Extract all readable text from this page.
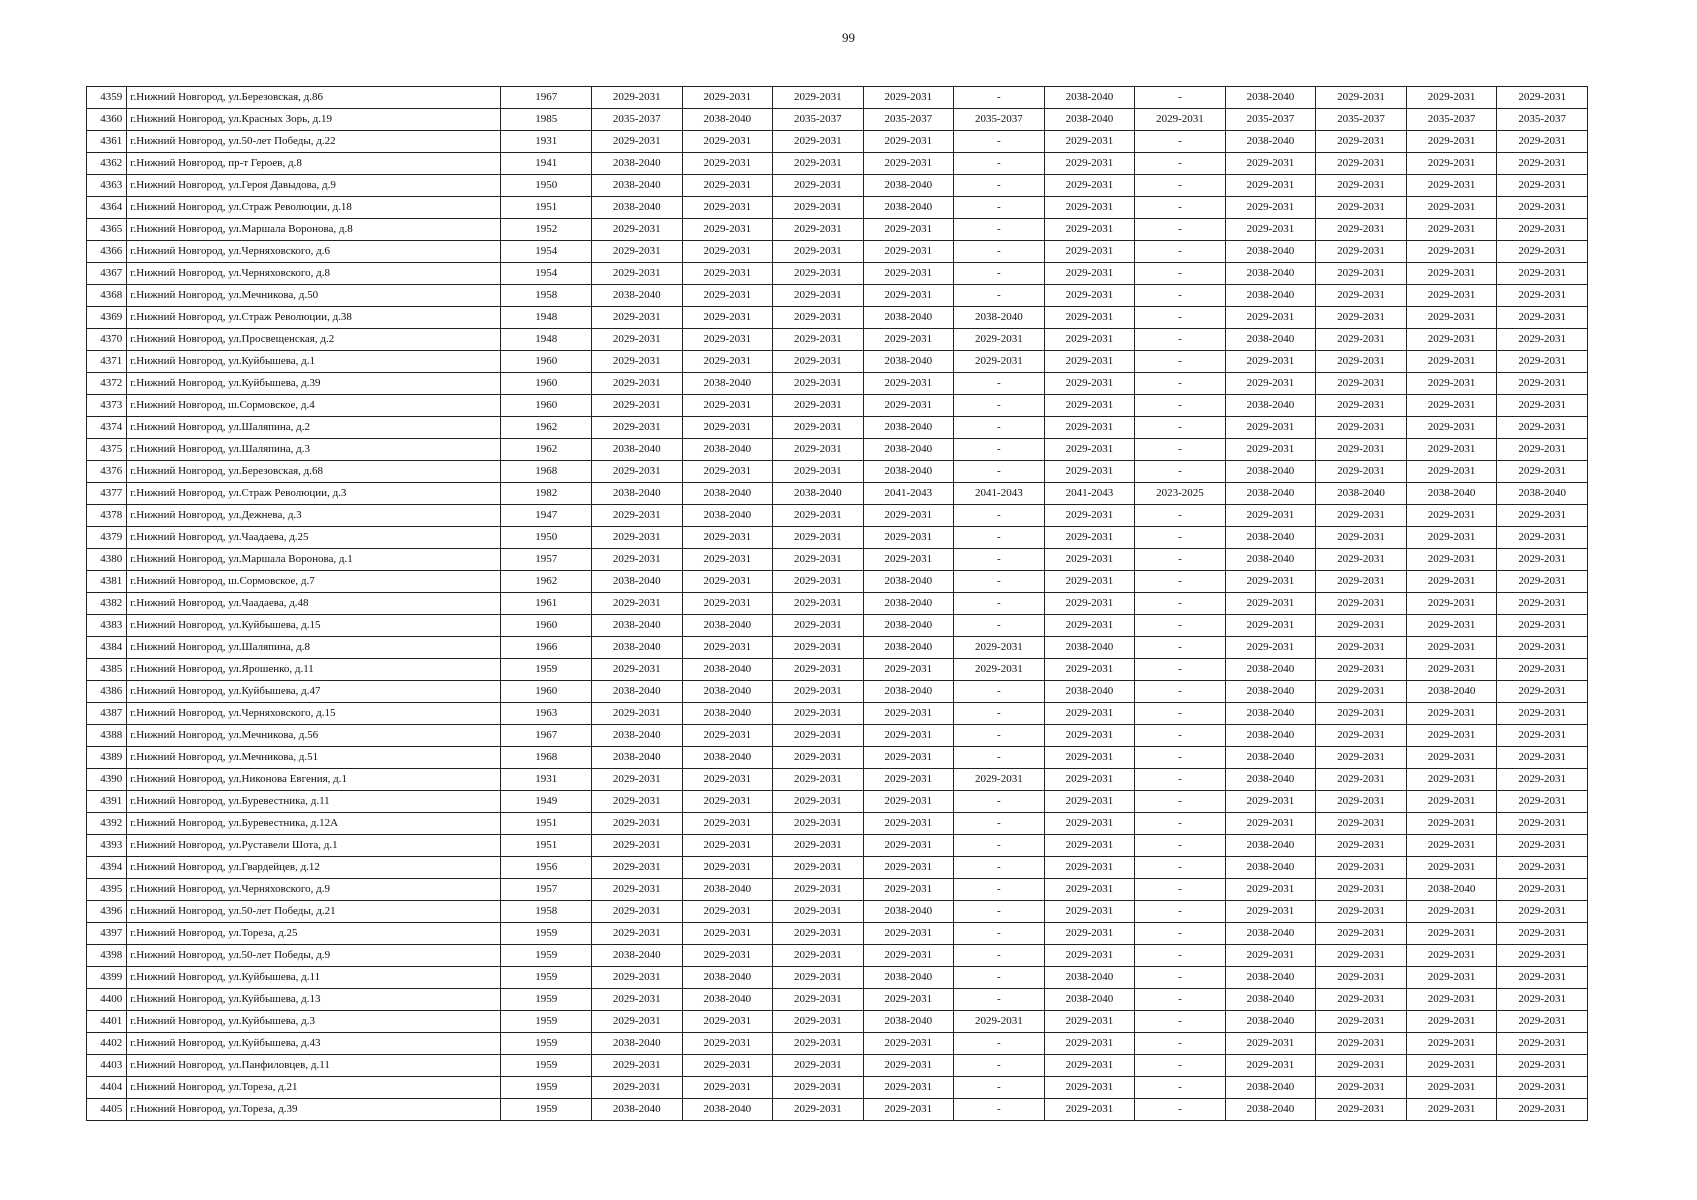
99
4359	г.Нижний Новгород, ул.Березовская, д.86	1967	2029-2031	2029-2031	2029-2031	2029-2031	-	2038-2040	-	2038-2040	2029-2031	2029-2031	2029-2031
4360	г.Нижний Новгород, ул.Красных Зорь, д.19	1985	2035-2037	2038-2040	2035-2037	2035-2037	2035-2037	2038-2040	2029-2031	2035-2037	2035-2037	2035-2037	2035-2037
4361	г.Нижний Новгород, ул.50-лет Победы, д.22	1931	2029-2031	2029-2031	2029-2031	2029-2031	-	2029-2031	-	2038-2040	2029-2031	2029-2031	2029-2031
4362	г.Нижний Новгород, пр-т Героев, д.8	1941	2038-2040	2029-2031	2029-2031	2029-2031	-	2029-2031	-	2029-2031	2029-2031	2029-2031	2029-2031
4363	г.Нижний Новгород, ул.Героя Давыдова, д.9	1950	2038-2040	2029-2031	2029-2031	2038-2040	-	2029-2031	-	2029-2031	2029-2031	2029-2031	2029-2031
4364	г.Нижний Новгород, ул.Страж Революции, д.18	1951	2038-2040	2029-2031	2029-2031	2038-2040	-	2029-2031	-	2029-2031	2029-2031	2029-2031	2029-2031
4365	г.Нижний Новгород, ул.Маршала Воронова, д.8	1952	2029-2031	2029-2031	2029-2031	2029-2031	-	2029-2031	-	2029-2031	2029-2031	2029-2031	2029-2031
4366	г.Нижний Новгород, ул.Черняховского, д.6	1954	2029-2031	2029-2031	2029-2031	2029-2031	-	2029-2031	-	2038-2040	2029-2031	2029-2031	2029-2031
4367	г.Нижний Новгород, ул.Черняховского, д.8	1954	2029-2031	2029-2031	2029-2031	2029-2031	-	2029-2031	-	2038-2040	2029-2031	2029-2031	2029-2031
4368	г.Нижний Новгород, ул.Мечникова, д.50	1958	2038-2040	2029-2031	2029-2031	2029-2031	-	2029-2031	-	2038-2040	2029-2031	2029-2031	2029-2031
4369	г.Нижний Новгород, ул.Страж Революции, д.38	1948	2029-2031	2029-2031	2029-2031	2038-2040	2038-2040	2029-2031	-	2029-2031	2029-2031	2029-2031	2029-2031
4370	г.Нижний Новгород, ул.Просвещенская, д.2	1948	2029-2031	2029-2031	2029-2031	2029-2031	2029-2031	2029-2031	-	2038-2040	2029-2031	2029-2031	2029-2031
4371	г.Нижний Новгород, ул.Куйбышева, д.1	1960	2029-2031	2029-2031	2029-2031	2038-2040	2029-2031	2029-2031	-	2029-2031	2029-2031	2029-2031	2029-2031
4372	г.Нижний Новгород, ул.Куйбышева, д.39	1960	2029-2031	2038-2040	2029-2031	2029-2031	-	2029-2031	-	2029-2031	2029-2031	2029-2031	2029-2031
4373	г.Нижний Новгород, ш.Сормовское, д.4	1960	2029-2031	2029-2031	2029-2031	2029-2031	-	2029-2031	-	2038-2040	2029-2031	2029-2031	2029-2031
4374	г.Нижний Новгород, ул.Шаляпина, д.2	1962	2029-2031	2029-2031	2029-2031	2038-2040	-	2029-2031	-	2029-2031	2029-2031	2029-2031	2029-2031
4375	г.Нижний Новгород, ул.Шаляпина, д.3	1962	2038-2040	2038-2040	2029-2031	2038-2040	-	2029-2031	-	2029-2031	2029-2031	2029-2031	2029-2031
4376	г.Нижний Новгород, ул.Березовская, д.68	1968	2029-2031	2029-2031	2029-2031	2038-2040	-	2029-2031	-	2038-2040	2029-2031	2029-2031	2029-2031
4377	г.Нижний Новгород, ул.Страж Революции, д.3	1982	2038-2040	2038-2040	2038-2040	2041-2043	2041-2043	2041-2043	2023-2025	2038-2040	2038-2040	2038-2040	2038-2040
4378	г.Нижний Новгород, ул.Дежнева, д.3	1947	2029-2031	2038-2040	2029-2031	2029-2031	-	2029-2031	-	2029-2031	2029-2031	2029-2031	2029-2031
4379	г.Нижний Новгород, ул.Чаадаева, д.25	1950	2029-2031	2029-2031	2029-2031	2029-2031	-	2029-2031	-	2038-2040	2029-2031	2029-2031	2029-2031
4380	г.Нижний Новгород, ул.Маршала Воронова, д.1	1957	2029-2031	2029-2031	2029-2031	2029-2031	-	2029-2031	-	2038-2040	2029-2031	2029-2031	2029-2031
4381	г.Нижний Новгород, ш.Сормовское, д.7	1962	2038-2040	2029-2031	2029-2031	2038-2040	-	2029-2031	-	2029-2031	2029-2031	2029-2031	2029-2031
4382	г.Нижний Новгород, ул.Чаадаева, д.48	1961	2029-2031	2029-2031	2029-2031	2038-2040	-	2029-2031	-	2029-2031	2029-2031	2029-2031	2029-2031
4383	г.Нижний Новгород, ул.Куйбышева, д.15	1960	2038-2040	2038-2040	2029-2031	2038-2040	-	2029-2031	-	2029-2031	2029-2031	2029-2031	2029-2031
4384	г.Нижний Новгород, ул.Шаляпина, д.8	1966	2038-2040	2029-2031	2029-2031	2038-2040	2029-2031	2038-2040	-	2029-2031	2029-2031	2029-2031	2029-2031
4385	г.Нижний Новгород, ул.Ярошенко, д.11	1959	2029-2031	2038-2040	2029-2031	2029-2031	2029-2031	2029-2031	-	2038-2040	2029-2031	2029-2031	2029-2031
4386	г.Нижний Новгород, ул.Куйбышева, д.47	1960	2038-2040	2038-2040	2029-2031	2038-2040	-	2038-2040	-	2038-2040	2029-2031	2038-2040	2029-2031
4387	г.Нижний Новгород, ул.Черняховского, д.15	1963	2029-2031	2038-2040	2029-2031	2029-2031	-	2029-2031	-	2038-2040	2029-2031	2029-2031	2029-2031
4388	г.Нижний Новгород, ул.Мечникова, д.56	1967	2038-2040	2029-2031	2029-2031	2029-2031	-	2029-2031	-	2038-2040	2029-2031	2029-2031	2029-2031
4389	г.Нижний Новгород, ул.Мечникова, д.51	1968	2038-2040	2038-2040	2029-2031	2029-2031	-	2029-2031	-	2038-2040	2029-2031	2029-2031	2029-2031
4390	г.Нижний Новгород, ул.Никонова Евгения, д.1	1931	2029-2031	2029-2031	2029-2031	2029-2031	2029-2031	2029-2031	-	2038-2040	2029-2031	2029-2031	2029-2031
4391	г.Нижний Новгород, ул.Буревестника, д.11	1949	2029-2031	2029-2031	2029-2031	2029-2031	-	2029-2031	-	2029-2031	2029-2031	2029-2031	2029-2031
4392	г.Нижний Новгород, ул.Буревестника, д.12А	1951	2029-2031	2029-2031	2029-2031	2029-2031	-	2029-2031	-	2029-2031	2029-2031	2029-2031	2029-2031
4393	г.Нижний Новгород, ул.Руставели Шота, д.1	1951	2029-2031	2029-2031	2029-2031	2029-2031	-	2029-2031	-	2038-2040	2029-2031	2029-2031	2029-2031
4394	г.Нижний Новгород, ул.Гвардейцев, д.12	1956	2029-2031	2029-2031	2029-2031	2029-2031	-	2029-2031	-	2038-2040	2029-2031	2029-2031	2029-2031
4395	г.Нижний Новгород, ул.Черняховского, д.9	1957	2029-2031	2038-2040	2029-2031	2029-2031	-	2029-2031	-	2029-2031	2029-2031	2038-2040	2029-2031
4396	г.Нижний Новгород, ул.50-лет Победы, д.21	1958	2029-2031	2029-2031	2029-2031	2038-2040	-	2029-2031	-	2029-2031	2029-2031	2029-2031	2029-2031
4397	г.Нижний Новгород, ул.Тореза, д.25	1959	2029-2031	2029-2031	2029-2031	2029-2031	-	2029-2031	-	2038-2040	2029-2031	2029-2031	2029-2031
4398	г.Нижний Новгород, ул.50-лет Победы, д.9	1959	2038-2040	2029-2031	2029-2031	2029-2031	-	2029-2031	-	2029-2031	2029-2031	2029-2031	2029-2031
4399	г.Нижний Новгород, ул.Куйбышева, д.11	1959	2029-2031	2038-2040	2029-2031	2038-2040	-	2038-2040	-	2038-2040	2029-2031	2029-2031	2029-2031
4400	г.Нижний Новгород, ул.Куйбышева, д.13	1959	2029-2031	2038-2040	2029-2031	2029-2031	-	2038-2040	-	2038-2040	2029-2031	2029-2031	2029-2031
4401	г.Нижний Новгород, ул.Куйбышева, д.3	1959	2029-2031	2029-2031	2029-2031	2038-2040	2029-2031	2029-2031	-	2038-2040	2029-2031	2029-2031	2029-2031
4402	г.Нижний Новгород, ул.Куйбышева, д.43	1959	2038-2040	2029-2031	2029-2031	2029-2031	-	2029-2031	-	2029-2031	2029-2031	2029-2031	2029-2031
4403	г.Нижний Новгород, ул.Панфиловцев, д.11	1959	2029-2031	2029-2031	2029-2031	2029-2031	-	2029-2031	-	2029-2031	2029-2031	2029-2031	2029-2031
4404	г.Нижний Новгород, ул.Тореза, д.21	1959	2029-2031	2029-2031	2029-2031	2029-2031	-	2029-2031	-	2038-2040	2029-2031	2029-2031	2029-2031
4405	г.Нижний Новгород, ул.Тореза, д.39	1959	2038-2040	2038-2040	2029-2031	2029-2031	-	2029-2031	-	2038-2040	2029-2031	2029-2031	2029-2031
